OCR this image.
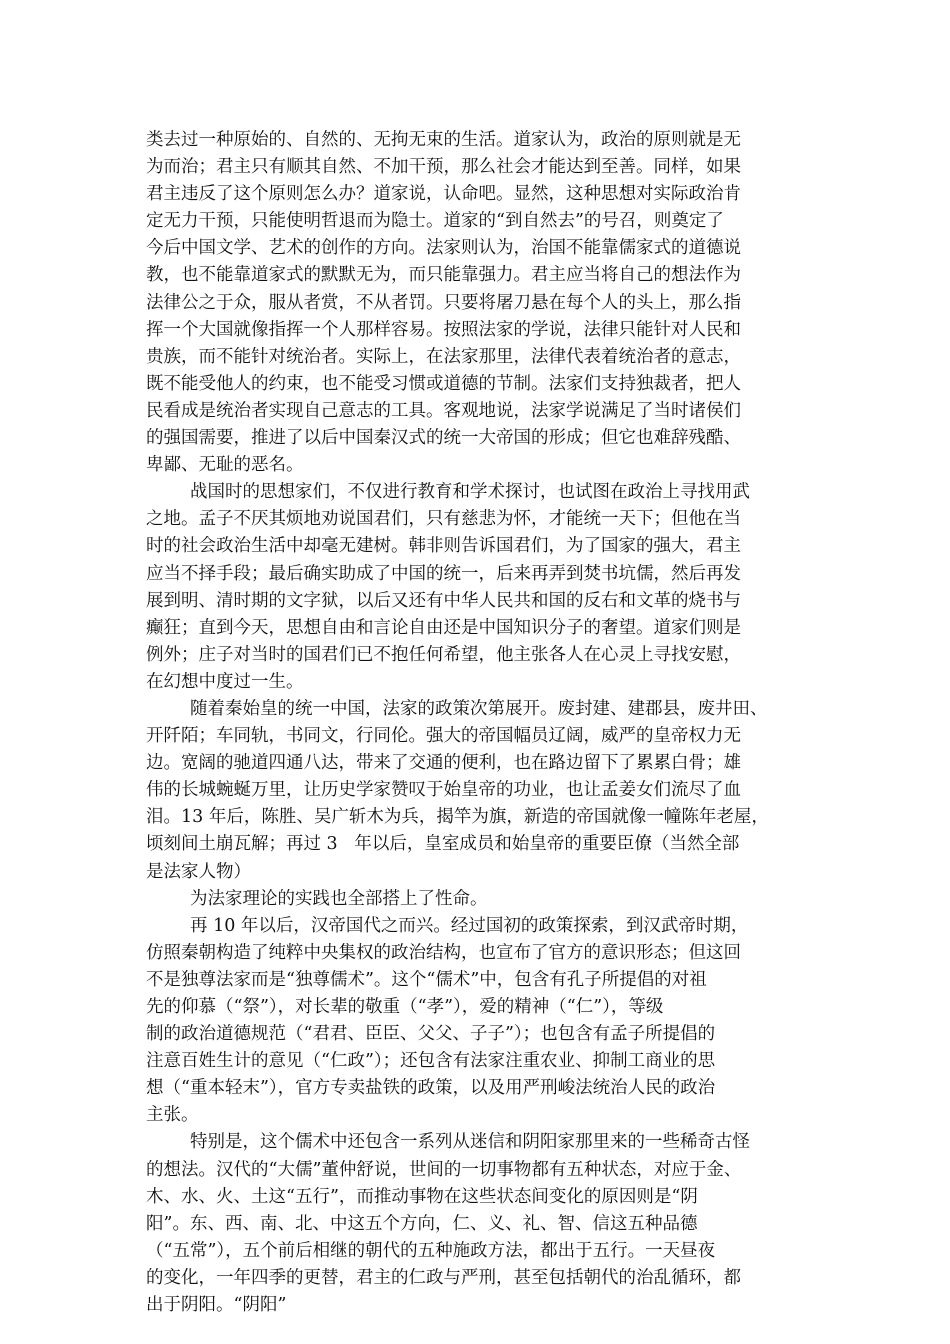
类去过一种原始的、自然的、无拘无束的生活。道家认为，政治的原则就是无
为而治；君主只有顺其自然、不加干预，那么社会才能达到至善。同样，如果
君主违反了这个原则怎么办？道家说，认命吧。显然，这种思想对实际政治肯
定无力干预，只能使明哲退而为隐士。道家的“到自然去”的号召，则奠定了
今后中国文学、艺术的创作的方向。法家则认为，治国不能靠儒家式的道德说
教，也不能靠道家式的默默无为，而只能靠强力。君主应当将自己的想法作为
法律公之于众，服从者赏，不从者罚。只要将屠刀悬在每个人的头上，那么指
挥一个大国就像指挥一个人那样容易。按照法家的学说，法律只能针对人民和
贵族，而不能针对统治者。实际上，在法家那里，法律代表着统治者的意志，
既不能受他人的约束，也不能受习惯或道德的节制。法家们支持独裁者，把人
民看成是统治者实现自己意志的工具。客观地说，法家学说满足了当时诸侯们
的强国需要，推进了以后中国秦汉式的统一大帝国的形成；但它也难辞残酷、
卑鄙、无耻的恶名。
战国时的思想家们，不仅进行教育和学术探讨，也试图在政治上寻找用武
之地。孟子不厌其烦地劝说国君们，只有慈悲为怀，才能统一天下；但他在当
时的社会政治生活中却毫无建树。韩非则告诉国君们，为了国家的强大，君主
应当不择手段；最后确实助成了中国的统一，后来再弄到焚书坑儒，然后再发
展到明、清时期的文字狱，以后又还有中华人民共和国的反右和文革的烧书与
癫狂；直到今天，思想自由和言论自由还是中国知识分子的奢望。道家们则是
例外；庄子对当时的国君们已不抱任何希望，他主张各人在心灵上寻找安慰，
在幻想中度过一生。
随着秦始皇的统一中国，法家的政策次第展开。废封建、建郡县，废井田、
开阡陌；车同轨，书同文，行同伦。强大的帝国幅员辽阔，威严的皇帝权力无
边。宽阔的驰道四通八达，带来了交通的便利，也在路边留下了累累白骨；雄
伟的长城蜿蜒万里，让历史学家赞叹于始皇帝的功业，也让孟姜女们流尽了血
泪。13 年后，陈胜、吴广斩木为兵，揭竿为旗，新造的帝国就像一幢陈年老屋，
顷刻间土崩瓦解；再过 3   年以后，皇室成员和始皇帝的重要臣僚（当然全部
是法家人物）
为法家理论的实践也全部搭上了性命。
再 10 年以后，汉帝国代之而兴。经过国初的政策探索，到汉武帝时期，
仿照秦朝构造了纯粹中央集权的政治结构，也宣布了官方的意识形态；但这回
不是独尊法家而是“独尊儒术”。这个“儒术”中，包含有孔子所提倡的对祖
先的仰慕（“祭”），对长辈的敬重（“孝”），爱的精神（“仁”），等级
制的政治道德规范（“君君、臣臣、父父、子子”）；也包含有孟子所提倡的
注意百姓生计的意见（“仁政”）；还包含有法家注重农业、抑制工商业的思
想（“重本轻末”），官方专卖盐铁的政策，以及用严刑峻法统治人民的政治
主张。
特别是，这个儒术中还包含一系列从迷信和阴阳家那里来的一些稀奇古怪
的想法。汉代的“大儒”董仲舒说，世间的一切事物都有五种状态，对应于金、
木、水、火、土这“五行”，而推动事物在这些状态间变化的原因则是“阴
阳”。东、西、南、北、中这五个方向，仁、义、礼、智、信这五种品德
（“五常”），五个前后相继的朝代的五种施政方法，都出于五行。一天昼夜
的变化，一年四季的更替，君主的仁政与严刑，甚至包括朝代的治乱循环，都
出于阴阳。“阴阳”
